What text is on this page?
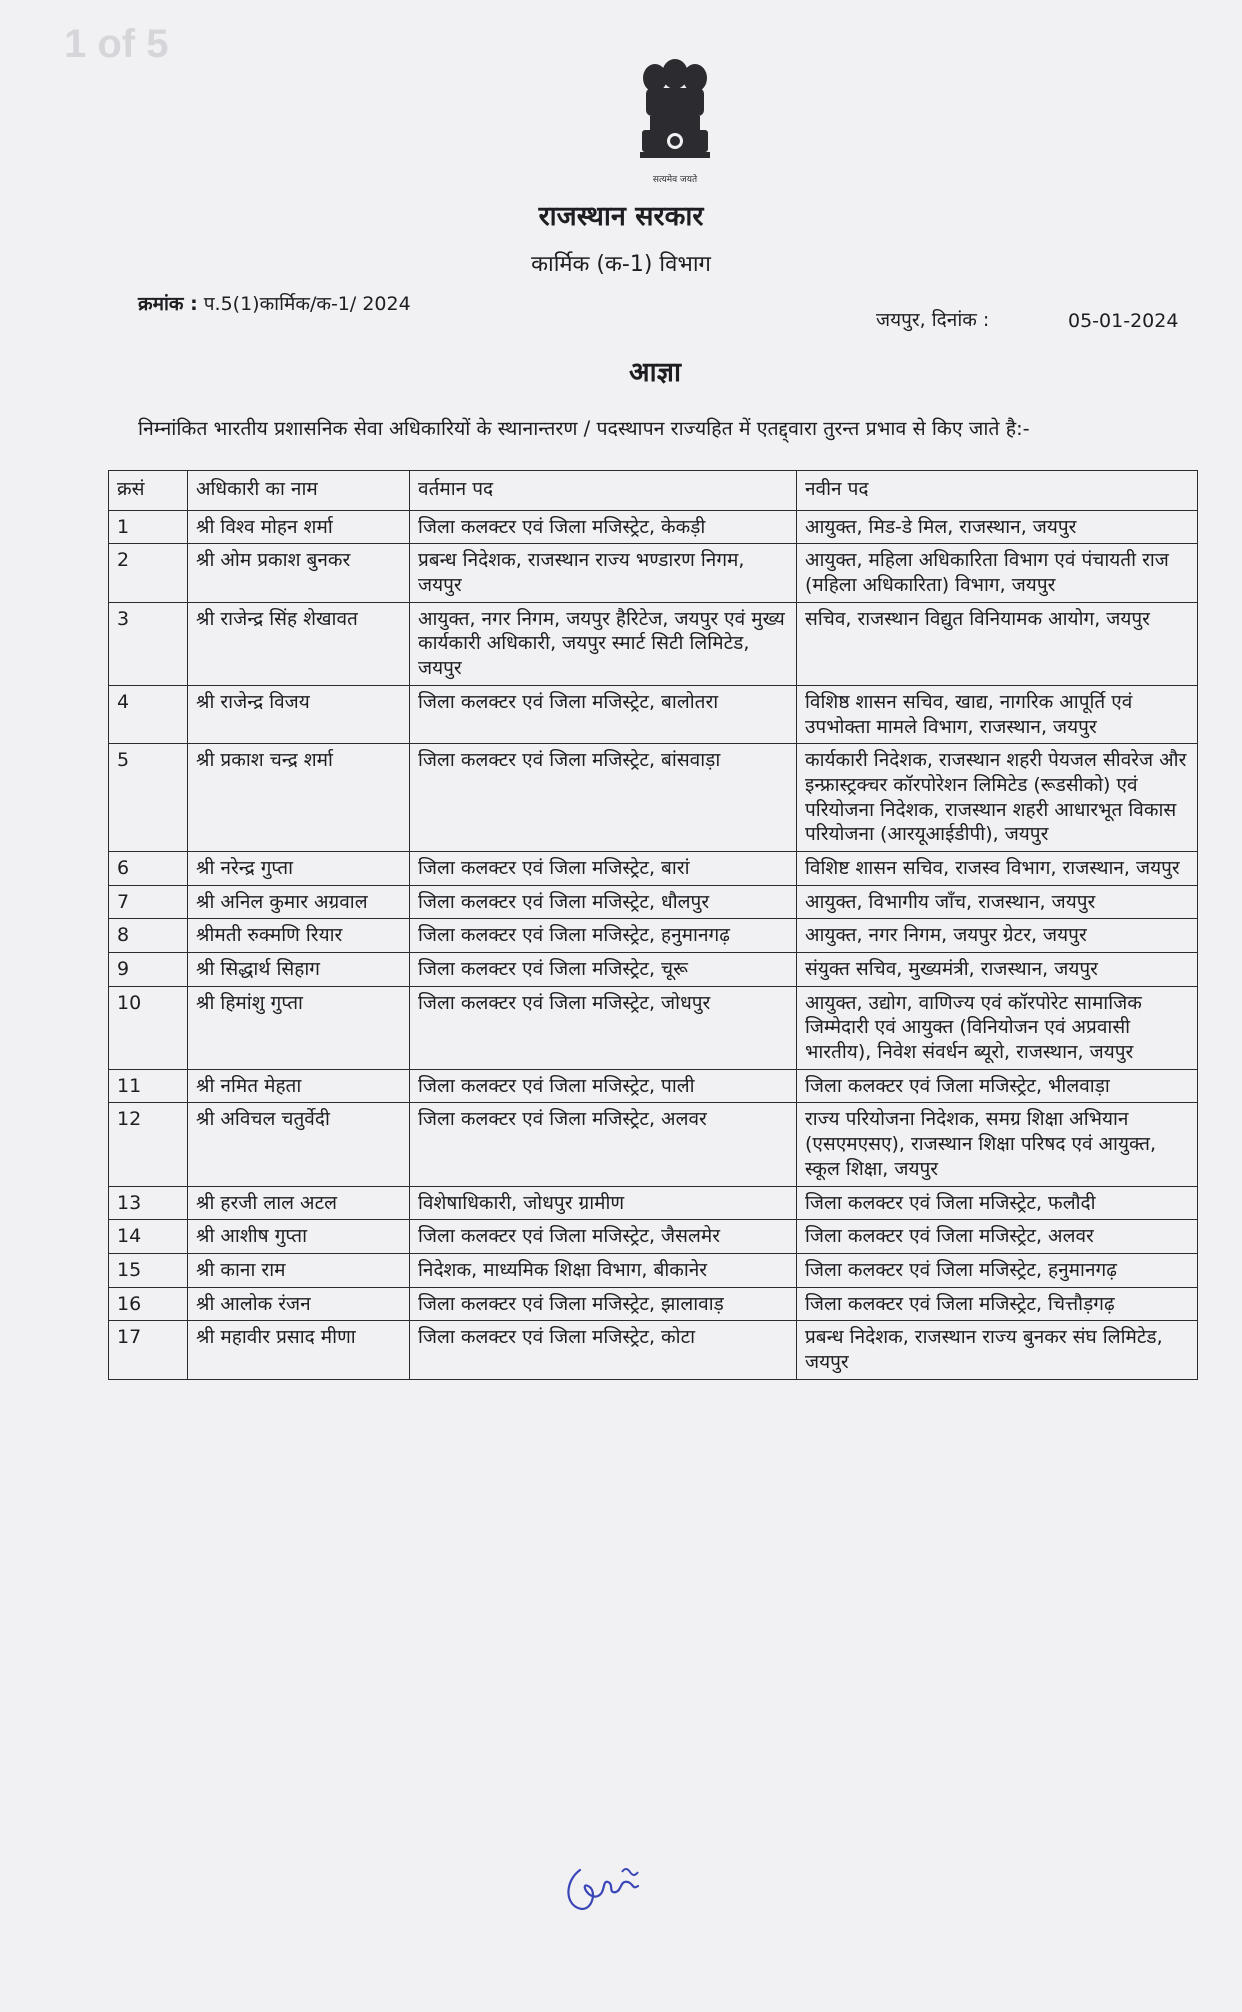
1 of 5
सत्यमेव जयते
राजस्थान सरकार
कार्मिक (क-1) विभाग
क्रमांक : प.5(1)कार्मिक/क-1/ 2024
जयपुर, दिनांक :	05-01-2024
आज्ञा
निम्नांकित भारतीय प्रशासनिक सेवा अधिकारियों के स्थानान्तरण / पदस्थापन राज्यहित में एतद्द्वारा तुरन्त प्रभाव से किए जाते है:-
क्रसं	अधिकारी का नाम	वर्तमान पद	नवीन पद
1	श्री विश्व मोहन शर्मा	जिला कलक्टर एवं जिला मजिस्ट्रेट, केकड़ी	आयुक्त, मिड-डे मिल, राजस्थान, जयपुर
2	श्री ओम प्रकाश बुनकर	प्रबन्ध निदेशक, राजस्थान राज्य भण्डारण निगम, जयपुर	आयुक्त, महिला अधिकारिता विभाग एवं पंचायती राज (महिला अधिकारिता) विभाग, जयपुर
3	श्री राजेन्द्र सिंह शेखावत	आयुक्त, नगर निगम, जयपुर हैरिटेज, जयपुर एवं मुख्य कार्यकारी अधिकारी, जयपुर स्मार्ट सिटी लिमिटेड, जयपुर	सचिव, राजस्थान विद्युत विनियामक आयोग, जयपुर
4	श्री राजेन्द्र विजय	जिला कलक्टर एवं जिला मजिस्ट्रेट, बालोतरा	विशिष्ठ शासन सचिव, खाद्य, नागरिक आपूर्ति एवं उपभोक्ता मामले विभाग, राजस्थान, जयपुर
5	श्री प्रकाश चन्द्र शर्मा	जिला कलक्टर एवं जिला मजिस्ट्रेट, बांसवाड़ा	कार्यकारी निदेशक, राजस्थान शहरी पेयजल सीवरेज और इन्फ्रास्ट्रक्चर कॉरपोरेशन लिमिटेड (रूडसीको) एवं परियोजना निदेशक, राजस्थान शहरी आधारभूत विकास परियोजना (आरयूआईडीपी), जयपुर
6	श्री नरेन्द्र गुप्ता	जिला कलक्टर एवं जिला मजिस्ट्रेट, बारां	विशिष्ट शासन सचिव, राजस्व विभाग, राजस्थान, जयपुर
7	श्री अनिल कुमार अग्रवाल	जिला कलक्टर एवं जिला मजिस्ट्रेट, धौलपुर	आयुक्त, विभागीय जाँच, राजस्थान, जयपुर
8	श्रीमती रुक्मणि रियार	जिला कलक्टर एवं जिला मजिस्ट्रेट, हनुमानगढ़	आयुक्त, नगर निगम, जयपुर ग्रेटर, जयपुर
9	श्री सिद्धार्थ सिहाग	जिला कलक्टर एवं जिला मजिस्ट्रेट, चूरू	संयुक्त सचिव, मुख्यमंत्री, राजस्थान, जयपुर
10	श्री हिमांशु गुप्ता	जिला कलक्टर एवं जिला मजिस्ट्रेट, जोधपुर	आयुक्त, उद्योग, वाणिज्य एवं कॉरपोरेट सामाजिक जिम्मेदारी एवं आयुक्त (विनियोजन एवं अप्रवासी भारतीय), निवेश संवर्धन ब्यूरो, राजस्थान, जयपुर
11	श्री नमित मेहता	जिला कलक्टर एवं जिला मजिस्ट्रेट, पाली	जिला कलक्टर एवं जिला मजिस्ट्रेट, भीलवाड़ा
12	श्री अविचल चतुर्वेदी	जिला कलक्टर एवं जिला मजिस्ट्रेट, अलवर	राज्य परियोजना निदेशक, समग्र शिक्षा अभियान (एसएमएसए), राजस्थान शिक्षा परिषद एवं आयुक्त, स्कूल शिक्षा, जयपुर
13	श्री हरजी लाल अटल	विशेषाधिकारी, जोधपुर ग्रामीण	जिला कलक्टर एवं जिला मजिस्ट्रेट, फलौदी
14	श्री आशीष गुप्ता	जिला कलक्टर एवं जिला मजिस्ट्रेट, जैसलमेर	जिला कलक्टर एवं जिला मजिस्ट्रेट, अलवर
15	श्री काना राम	निदेशक, माध्यमिक शिक्षा विभाग, बीकानेर	जिला कलक्टर एवं जिला मजिस्ट्रेट, हनुमानगढ़
16	श्री आलोक रंजन	जिला कलक्टर एवं जिला मजिस्ट्रेट, झालावाड़	जिला कलक्टर एवं जिला मजिस्ट्रेट, चित्तौड़गढ़
17	श्री महावीर प्रसाद मीणा	जिला कलक्टर एवं जिला मजिस्ट्रेट, कोटा	प्रबन्ध निदेशक, राजस्थान राज्य बुनकर संघ लिमिटेड, जयपुर
